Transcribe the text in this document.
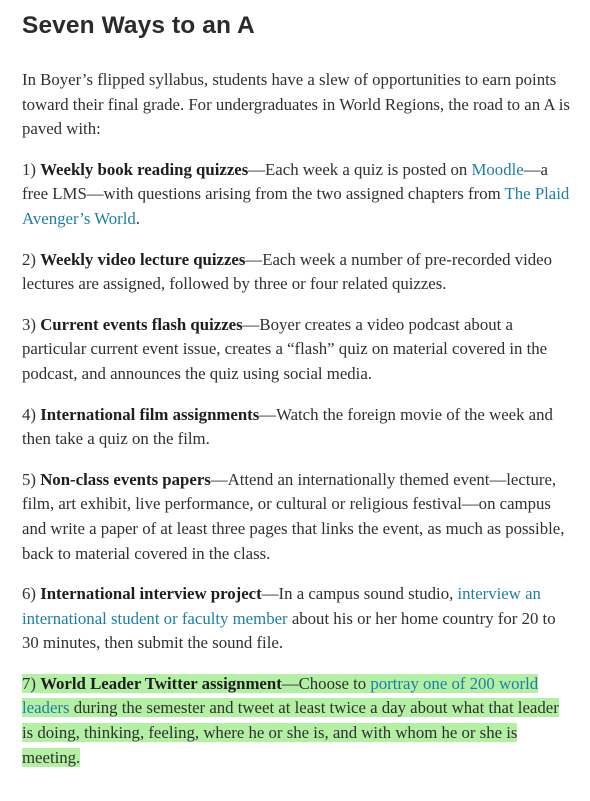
Seven Ways to an A

In Boyer’s flipped syllabus, students have a slew of opportunities to earn points toward their final grade. For undergraduates in World Regions, the road to an A is paved with:

1) Weekly book reading quizzes—Each week a quiz is posted on Moodle—a free LMS—with questions arising from the two assigned chapters from The Plaid Avenger’s World.

2) Weekly video lecture quizzes—Each week a number of pre-recorded video lectures are assigned, followed by three or four related quizzes.

3) Current events flash quizzes—Boyer creates a video podcast about a particular current event issue, creates a “flash” quiz on material covered in the podcast, and announces the quiz using social media.

4) International film assignments—Watch the foreign movie of the week and then take a quiz on the film.

5) Non-class events papers—Attend an internationally themed event—lecture, film, art exhibit, live performance, or cultural or religious festival—on campus and write a paper of at least three pages that links the event, as much as possible, back to material covered in the class.

6) International interview project—In a campus sound studio, interview an international student or faculty member about his or her home country for 20 to 30 minutes, then submit the sound file.

7) World Leader Twitter assignment—Choose to portray one of 200 world leaders during the semester and tweet at least twice a day about what that leader is doing, thinking, feeling, where he or she is, and with whom he or she is meeting.
